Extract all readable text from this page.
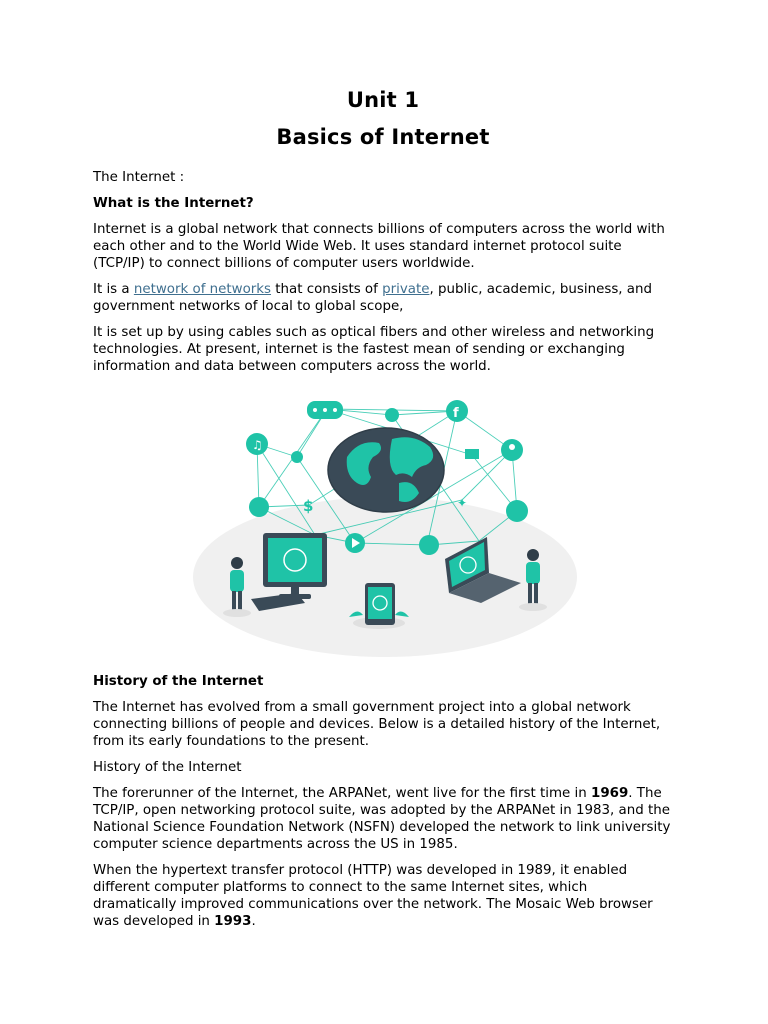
Unit 1
Basics of Internet

The Internet :

What is the Internet?

Internet is a global network that connects billions of computers across the world with each other and to the World Wide Web. It uses standard internet protocol suite (TCP/IP) to connect billions of computer users worldwide.

It is a network of networks that consists of private, public, academic, business, and government networks of local to global scope,

It is set up by using cables such as optical fibers and other wireless and networking technologies. At present, internet is the fastest mean of sending or exchanging information and data between computers across the world.

f
♫
$	✦

History of the Internet

The Internet has evolved from a small government project into a global network connecting billions of people and devices. Below is a detailed history of the Internet, from its early foundations to the present.

History of the Internet

The forerunner of the Internet, the ARPANet, went live for the first time in 1969. The TCP/IP, open networking protocol suite, was adopted by the ARPANet in 1983, and the National Science Foundation Network (NSFN) developed the network to link university computer science departments across the US in 1985.

When the hypertext transfer protocol (HTTP) was developed in 1989, it enabled different computer platforms to connect to the same Internet sites, which dramatically improved communications over the network. The Mosaic Web browser was developed in 1993.
